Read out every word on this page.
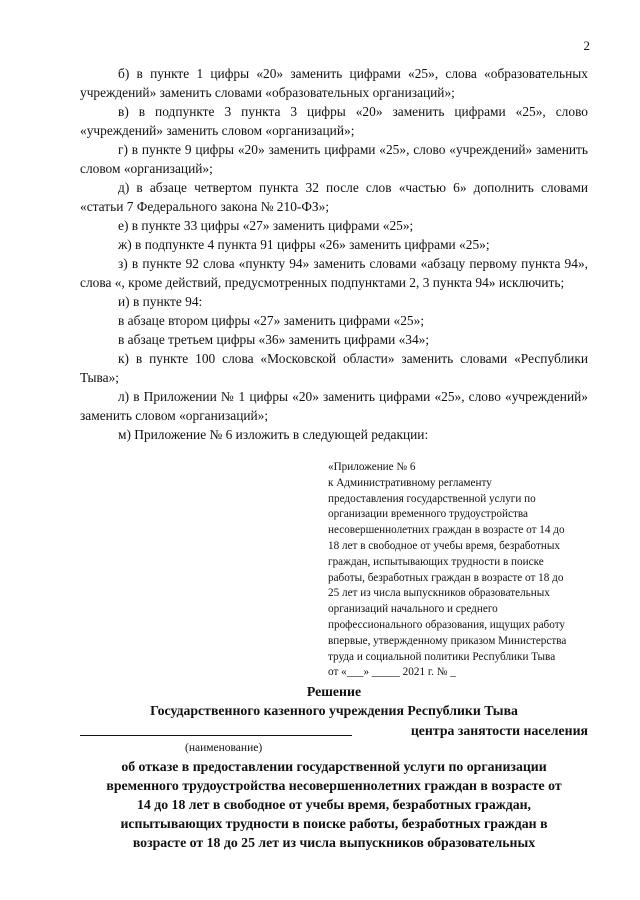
2

б) в пункте 1 цифры «20» заменить цифрами «25», слова «образовательных учреждений» заменить словами «образовательных организаций»;

в) в подпункте 3 пункта 3 цифры «20» заменить цифрами «25», слово «учреждений» заменить словом «организаций»;

г) в пункте 9 цифры «20» заменить цифрами «25», слово «учреждений» заменить словом «организаций»;

д) в абзаце четвертом пункта 32 после слов «частью 6» дополнить словами «статьи 7 Федерального закона № 210-ФЗ»;

е) в пункте 33 цифры «27» заменить цифрами «25»;

ж) в подпункте 4 пункта 91 цифры «26» заменить цифрами «25»;

з) в пункте 92 слова «пункту 94» заменить словами «абзацу первому пункта 94», слова «, кроме действий, предусмотренных подпунктами 2, 3 пункта 94» исключить;

и) в пункте 94:

в абзаце втором цифры «27» заменить цифрами «25»;

в абзаце третьем цифры «36» заменить цифрами «34»;

к) в пункте 100 слова «Московской области» заменить словами «Республики Тыва»;

л) в Приложении № 1 цифры «20» заменить цифрами «25», слово «учреждений» заменить словом «организаций»;

м) Приложение № 6 изложить в следующей редакции:

«Приложение № 6
к Административному регламенту
предоставления государственной услуги по
организации временного трудоустройства
несовершеннолетних граждан в возрасте от 14 до
18 лет в свободное от учебы время, безработных
граждан, испытывающих трудности в поиске
работы, безработных граждан в возрасте от 18 до
25 лет из числа выпускников образовательных
организаций начального и среднего
профессионального образования, ищущих работу
впервые, утвержденному приказом Министерства
труда и социальной политики Республики Тыва
от «___» _____ 2021 г. № _
Решение
Государственного казенного учреждения Республики Тыва
центра занятости населения
(наименование)
об отказе в предоставлении государственной услуги по организации
временного трудоустройства несовершеннолетних граждан в возрасте от
14 до 18 лет в свободное от учебы время, безработных граждан,
испытывающих трудности в поиске работы, безработных граждан в
возрасте от 18 до 25 лет из числа выпускников образовательных
